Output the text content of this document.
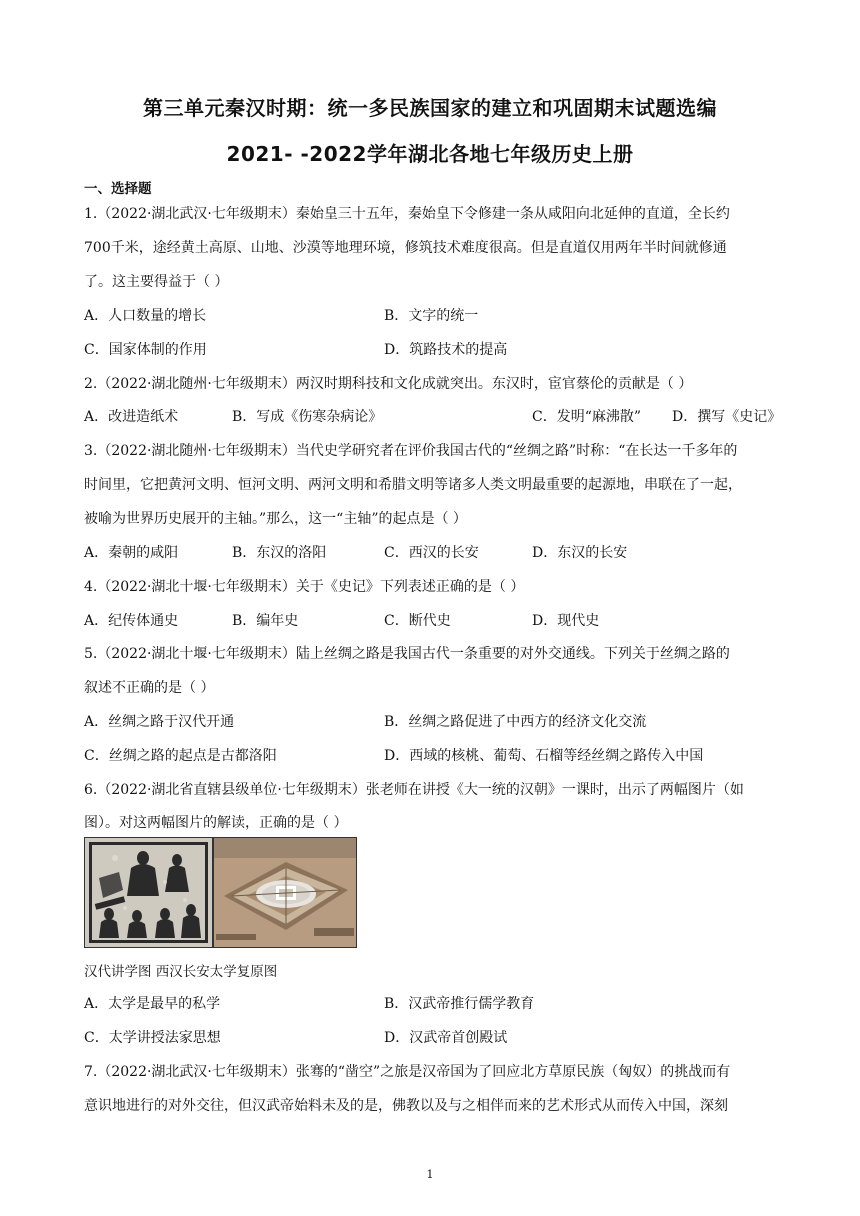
第三单元秦汉时期：统一多民族国家的建立和巩固期末试题选编
2021- -2022学年湖北各地七年级历史上册
一、选择题
1.（2022·湖北武汉·七年级期末）秦始皇三十五年，秦始皇下令修建一条从咸阳向北延伸的直道，全长约
700千米，途经黄土高原、山地、沙漠等地理环境，修筑技术难度很高。但是直道仅用两年半时间就修通
了。这主要得益于（ ）
A．人口数量的增长	B．文字的统一
C．国家体制的作用	D．筑路技术的提高
2.（2022·湖北随州·七年级期末）两汉时期科技和文化成就突出。东汉时，宦官蔡伦的贡献是（ ）
A．改进造纸术	B．写成《伤寒杂病论》	C．发明“麻沸散” D．撰写《史记》
3.（2022·湖北随州·七年级期末）当代史学研究者在评价我国古代的“丝绸之路”时称：“在长达一千多年的
时间里，它把黄河文明、恒河文明、两河文明和希腊文明等诸多人类文明最重要的起源地，串联在了一起，
被喻为世界历史展开的主轴。”那么，这一“主轴”的起点是（ ）
A．秦朝的咸阳	B．东汉的洛阳	C．西汉的长安	D．东汉的长安
4.（2022·湖北十堰·七年级期末）关于《史记》下列表述正确的是（ ）
A．纪传体通史	B．编年史	C．断代史	D．现代史
5.（2022·湖北十堰·七年级期末）陆上丝绸之路是我国古代一条重要的对外交通线。下列关于丝绸之路的
叙述不正确的是（ ）
A．丝绸之路于汉代开通	B．丝绸之路促进了中西方的经济文化交流
C．丝绸之路的起点是古都洛阳	D．西域的核桃、葡萄、石榴等经丝绸之路传入中国
6.（2022·湖北省直辖县级单位·七年级期末）张老师在讲授《大一统的汉朝》一课时，出示了两幅图片（如
图）。对这两幅图片的解读，正确的是（ ）
汉代讲学图 西汉长安太学复原图
A．太学是最早的私学	B．汉武帝推行儒学教育
C．太学讲授法家思想	D．汉武帝首创殿试
7.（2022·湖北武汉·七年级期末）张骞的“凿空”之旅是汉帝国为了回应北方草原民族（匈奴）的挑战而有
意识地进行的对外交往，但汉武帝始料未及的是，佛教以及与之相伴而来的艺术形式从而传入中国，深刻
1
